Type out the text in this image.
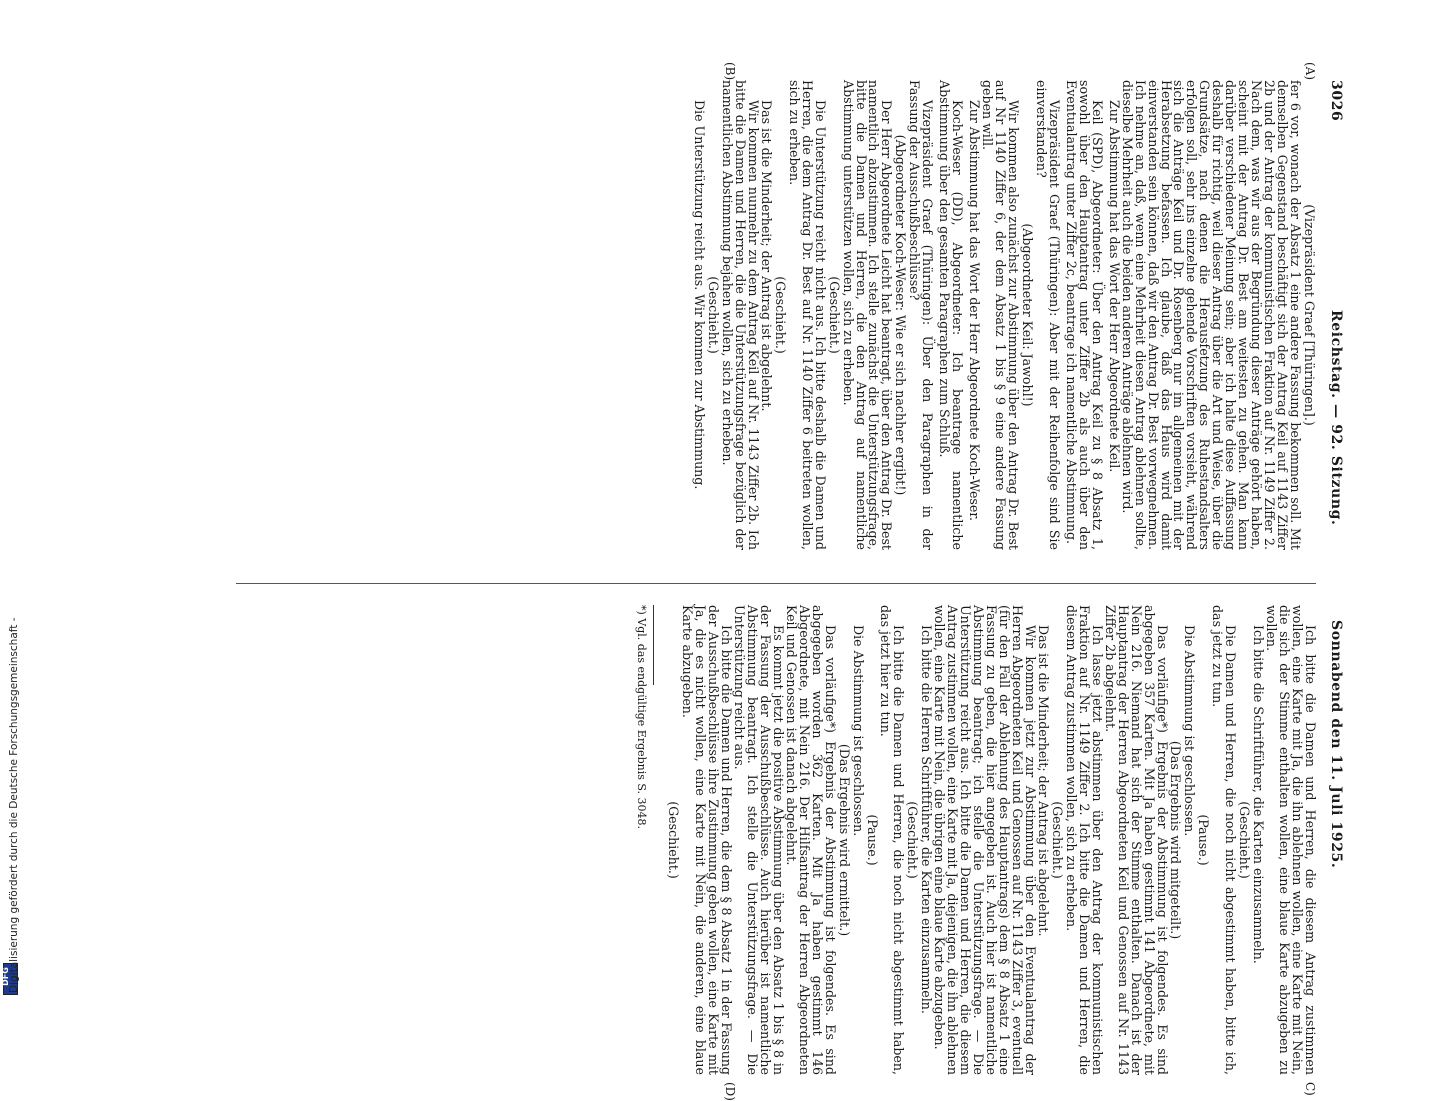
3026
Reichstag. — 92. Sitzung.
Sonnabend den 11. Juli 1925.
(A)
(B)
C)
(D)

(Vizepräsident Graef [Thüringen].)

fer 6 vor, wonach der Absatz 1 eine andere Fassung bekommen soll. Mit demselben Gegenstand beschäftigt sich der Antrag Keil auf 1143 Ziffer 2b und der Antrag der kommunistischen Fraktion auf Nr. 1149 Ziffer 2. Nach dem, was wir aus der Begründung dieser Anträge gehört haben, scheint mit der Antrag Dr. Best am weitesten zu gehen. Man kann darüber verschiedener Meinung sein; aber ich halte diese Auffassung deshalb für richtig, weil dieser Antrag über die Art und Weise, über die Grundsätze, nach denen die Herausfetzung des Ruhestandsalters erfolgen soll, sehr ins einzelne gehende Vorschriften vorsieht, während sich die Anträge Keil und Dr. Rosenberg nur im allgemeinen mit der Herabsetzung befassen. Ich glaube, daß das Haus wird damit einverstanden sein können, daß wir den Antrag Dr. Best vorwegnehmen. Ich nehme an, daß, wenn eine Mehrheit diesen Antrag ablehnen sollte, dieselbe Mehrheit auch die beiden anderen Anträge ablehnen wird.

Zur Abstimmung hat das Wort der Herr Abgeordnete Keil.

Keil (SPD), Abgeordneter: Über den Antrag Keil zu § 8 Absatz 1, sowohl über den Hauptantrag unter Ziffer 2b als auch über den Eventualantrag unter Ziffer 2c, beantrage ich namentliche Abstimmung.

Vizepräsident Graef (Thüringen): Aber mit der Reihenfolge sind Sie einverstanden?

(Abgeordneter Keil: Jawohl!)

Wir kommen also zunächst zur Abstimmung über den Antrag Dr. Best auf Nr 1140 Ziffer 6, der dem Absatz 1 bis § 9 eine andere Fassung geben will.

Zur Abstimmung hat das Wort der Herr Abgeordnete Koch-Weser.

Koch-Weser (DD), Abgeordneter: Ich beantrage namentliche Abstimmung über den gesamten Paragraphen zum Schluß.

Vizepräsident Graef (Thüringen): Über den Paragraphen in der Fassung der Ausschußbeschlüsse?

(Abgeordneter Koch-Weser: Wie er sich nachher ergibt!)

Der Herr Abgeordnete Leicht hat beantragt, über den Antrag Dr. Best namentlich abzustimmen. Ich stelle zunächst die Unterstützungsfrage, bitte die Damen und Herren, die den Antrag auf namentliche Abstimmung unterstützen wollen, sich zu erheben.

(Geschieht.)

Die Unterstützung reicht nicht aus. Ich bitte deshalb die Damen und Herren, die dem Antrag Dr. Best auf Nr. 1140 Ziffer 6 beitreten wollen, sich zu erheben.

(Geschieht.)

Das ist die Minderheit; der Antrag ist abgelehnt.

Wir kommen nunmehr zu dem Antrag Keil auf Nr. 1143 Ziffer 2b. Ich bitte die Damen und Herren, die die Unterstützungsfrage bezüglich der namentlichen Abstimmung bejahen wollen, sich zu erheben.

(Geschieht.)

Die Unterstützung reicht aus. Wir kommen zur Abstimmung.

Ich bitte die Damen und Herren, die diesem Antrag zustimmen wollen, eine Karte mit Ja, die ihn ablehnen wollen, eine Karte mit Nein, die sich der Stimme enthalten wollen, eine blaue Karte abzugeben zu wollen.

Ich bitte die Schriftführer, die Karten einzusammeln.

(Geschieht.)

Die Damen und Herren, die noch nicht abgestimmt haben, bitte ich, das jetzt zu tun.

(Pause.)

Die Abstimmung ist geschlossen.

(Das Ergebnis wird mitgeteilt.)

Das vorläufige*) Ergebnis der Abstimmung ist folgendes. Es sind abgegeben 357 Karten. Mit Ja haben gestimmt 141 Abgeordnete, mit Nein 216. Niemand hat sich der Stimme enthalten. Danach ist der Hauptantrag der Herren Abgeordneten Keil und Genossen auf Nr. 1143 Ziffer 2b abgelehnt.

Ich lasse jetzt abstimmen über den Antrag der kommunistischen Fraktion auf Nr. 1149 Ziffer 2. Ich bitte die Damen und Herren, die diesem Antrag zustimmen wollen, sich zu erheben.

(Geschieht.)

Das ist die Minderheit; der Antrag ist abgelehnt.

Wir kommen jetzt zur Abstimmung über den Eventualantrag der Herren Abgeordneten Keil und Genossen auf Nr. 1143 Ziffer 3, eventuell (für den Fall der Ablehnung des Hauptantrags) dem § 8 Absatz 1 eine Fassung zu geben, die hier angegeben ist. Auch hier ist namentliche Abstimmung beantragt; ich stelle die Unterstützungsfrage. — Die Unterstützung reicht aus. Ich bitte die Damen und Herren, die diesem Antrag zustimmen wollen, eine Karte mit Ja, diejenigen, die ihn ablehnen wollen, eine Karte mit Nein, die übrigen eine blaue Karte abzugeben.

Ich bitte die Herren Schriftführer, die Karten einzusammeln.

(Geschieht.)

Ich bitte die Damen und Herren, die noch nicht abgestimmt haben, das jetzt hier zu tun.

(Pause.)

Die Abstimmung ist geschlossen.

(Das Ergebnis wird ermittelt.)

Das vorläufige*) Ergebnis der Abstimmung ist folgendes. Es sind abgegeben worden 362 Karten. Mit Ja haben gestimmt 146 Abgeordnete, mit Nein 216. Der Hilfsantrag der Herren Abgeordneten Keil und Genossen ist danach abgelehnt.

Es kommt jetzt die positive Abstimmung über den Absatz 1 bis § 8 in der Fassung der Ausschußbeschlüsse. Auch hierüber ist namentliche Abstimmung beantragt. Ich stelle die Unterstützungsfrage. — Die Unterstützung reicht aus.

Ich bitte die Damen und Herren, die dem § 8 Absatz 1 in der Fassung der Ausschußbeschlüsse ihre Zustimmung geben wollen, eine Karte mit Ja, die es nicht wollen, eine Karte mit Nein, die anderen, eine blaue Karte abzugeben.

(Geschieht.)

*) Vgl. das endgültige Ergebnis S. 3048.

DFG
Digitalisierung gefördert durch die Deutsche Forschungsgemeinschaft -
